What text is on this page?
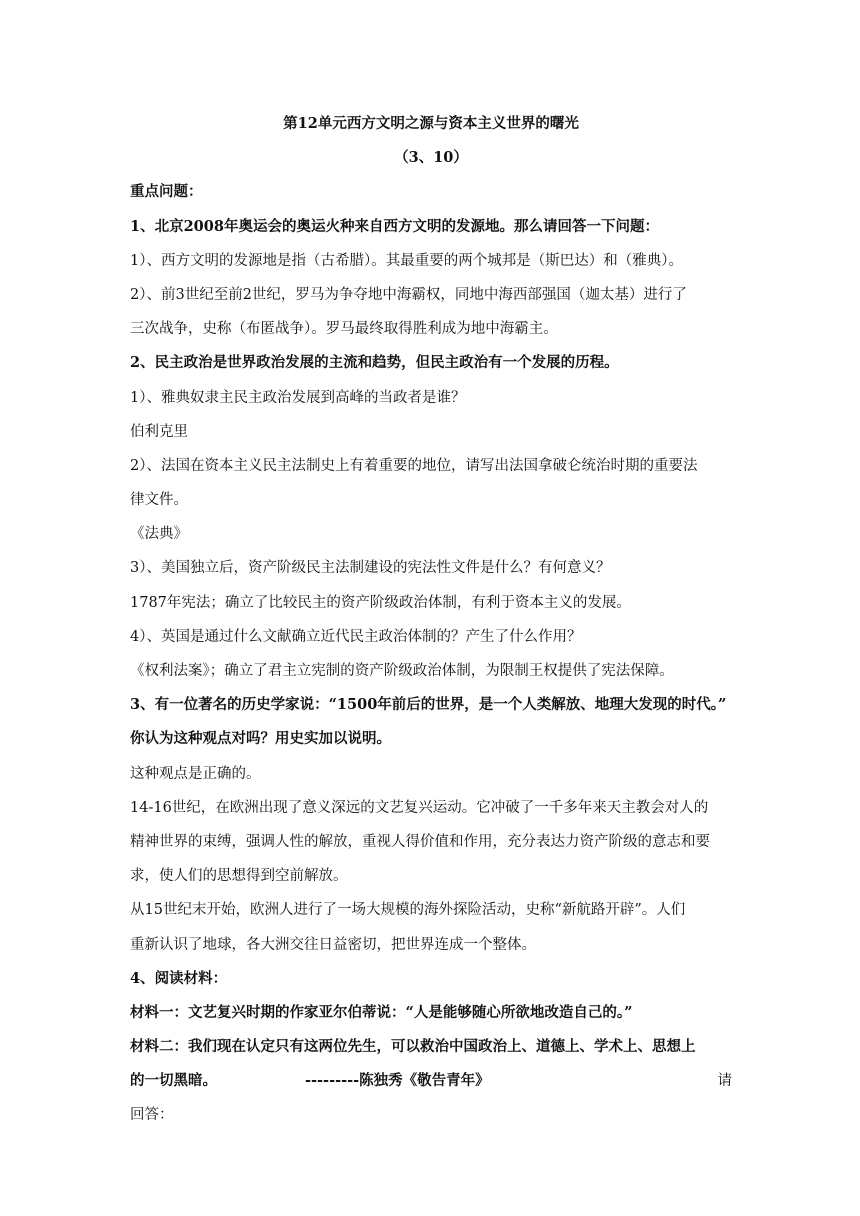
第12单元西方文明之源与资本主义世界的曙光
（3、10）
重点问题：
1、北京2008年奥运会的奥运火种来自西方文明的发源地。那么请回答一下问题：
1）、西方文明的发源地是指（古希腊）。其最重要的两个城邦是（斯巴达）和（雅典）。
2）、前3世纪至前2世纪，罗马为争夺地中海霸权，同地中海西部强国（迦太基）进行了
三次战争，史称（布匿战争）。罗马最终取得胜利成为地中海霸主。
2、民主政治是世界政治发展的主流和趋势，但民主政治有一个发展的历程。
1）、雅典奴隶主民主政治发展到高峰的当政者是谁？
伯利克里
2）、法国在资本主义民主法制史上有着重要的地位，请写出法国拿破仑统治时期的重要法
律文件。
《法典》
3）、美国独立后，资产阶级民主法制建设的宪法性文件是什么？有何意义？
1787年宪法；确立了比较民主的资产阶级政治体制，有利于资本主义的发展。
4）、英国是通过什么文献确立近代民主政治体制的？产生了什么作用？
《权利法案》；确立了君主立宪制的资产阶级政治体制，为限制王权提供了宪法保障。
3、有一位著名的历史学家说：“1500年前后的世界，是一个人类解放、地理大发现的时代。”
你认为这种观点对吗？用史实加以说明。
这种观点是正确的。
14-16世纪，在欧洲出现了意义深远的文艺复兴运动。它冲破了一千多年来天主教会对人的
精神世界的束缚，强调人性的解放，重视人得价值和作用，充分表达力资产阶级的意志和要
求，使人们的思想得到空前解放。
从15世纪末开始，欧洲人进行了一场大规模的海外探险活动，史称“新航路开辟”。人们
重新认识了地球，各大洲交往日益密切，把世界连成一个整体。
4、阅读材料：
材料一：文艺复兴时期的作家亚尔伯蒂说：“人是能够随心所欲地改造自己的。”
材料二：我们现在认定只有这两位先生，可以救治中国政治上、道德上、学术上、思想上
的一切黑暗。	---------陈独秀《敬告青年》	请
回答：
